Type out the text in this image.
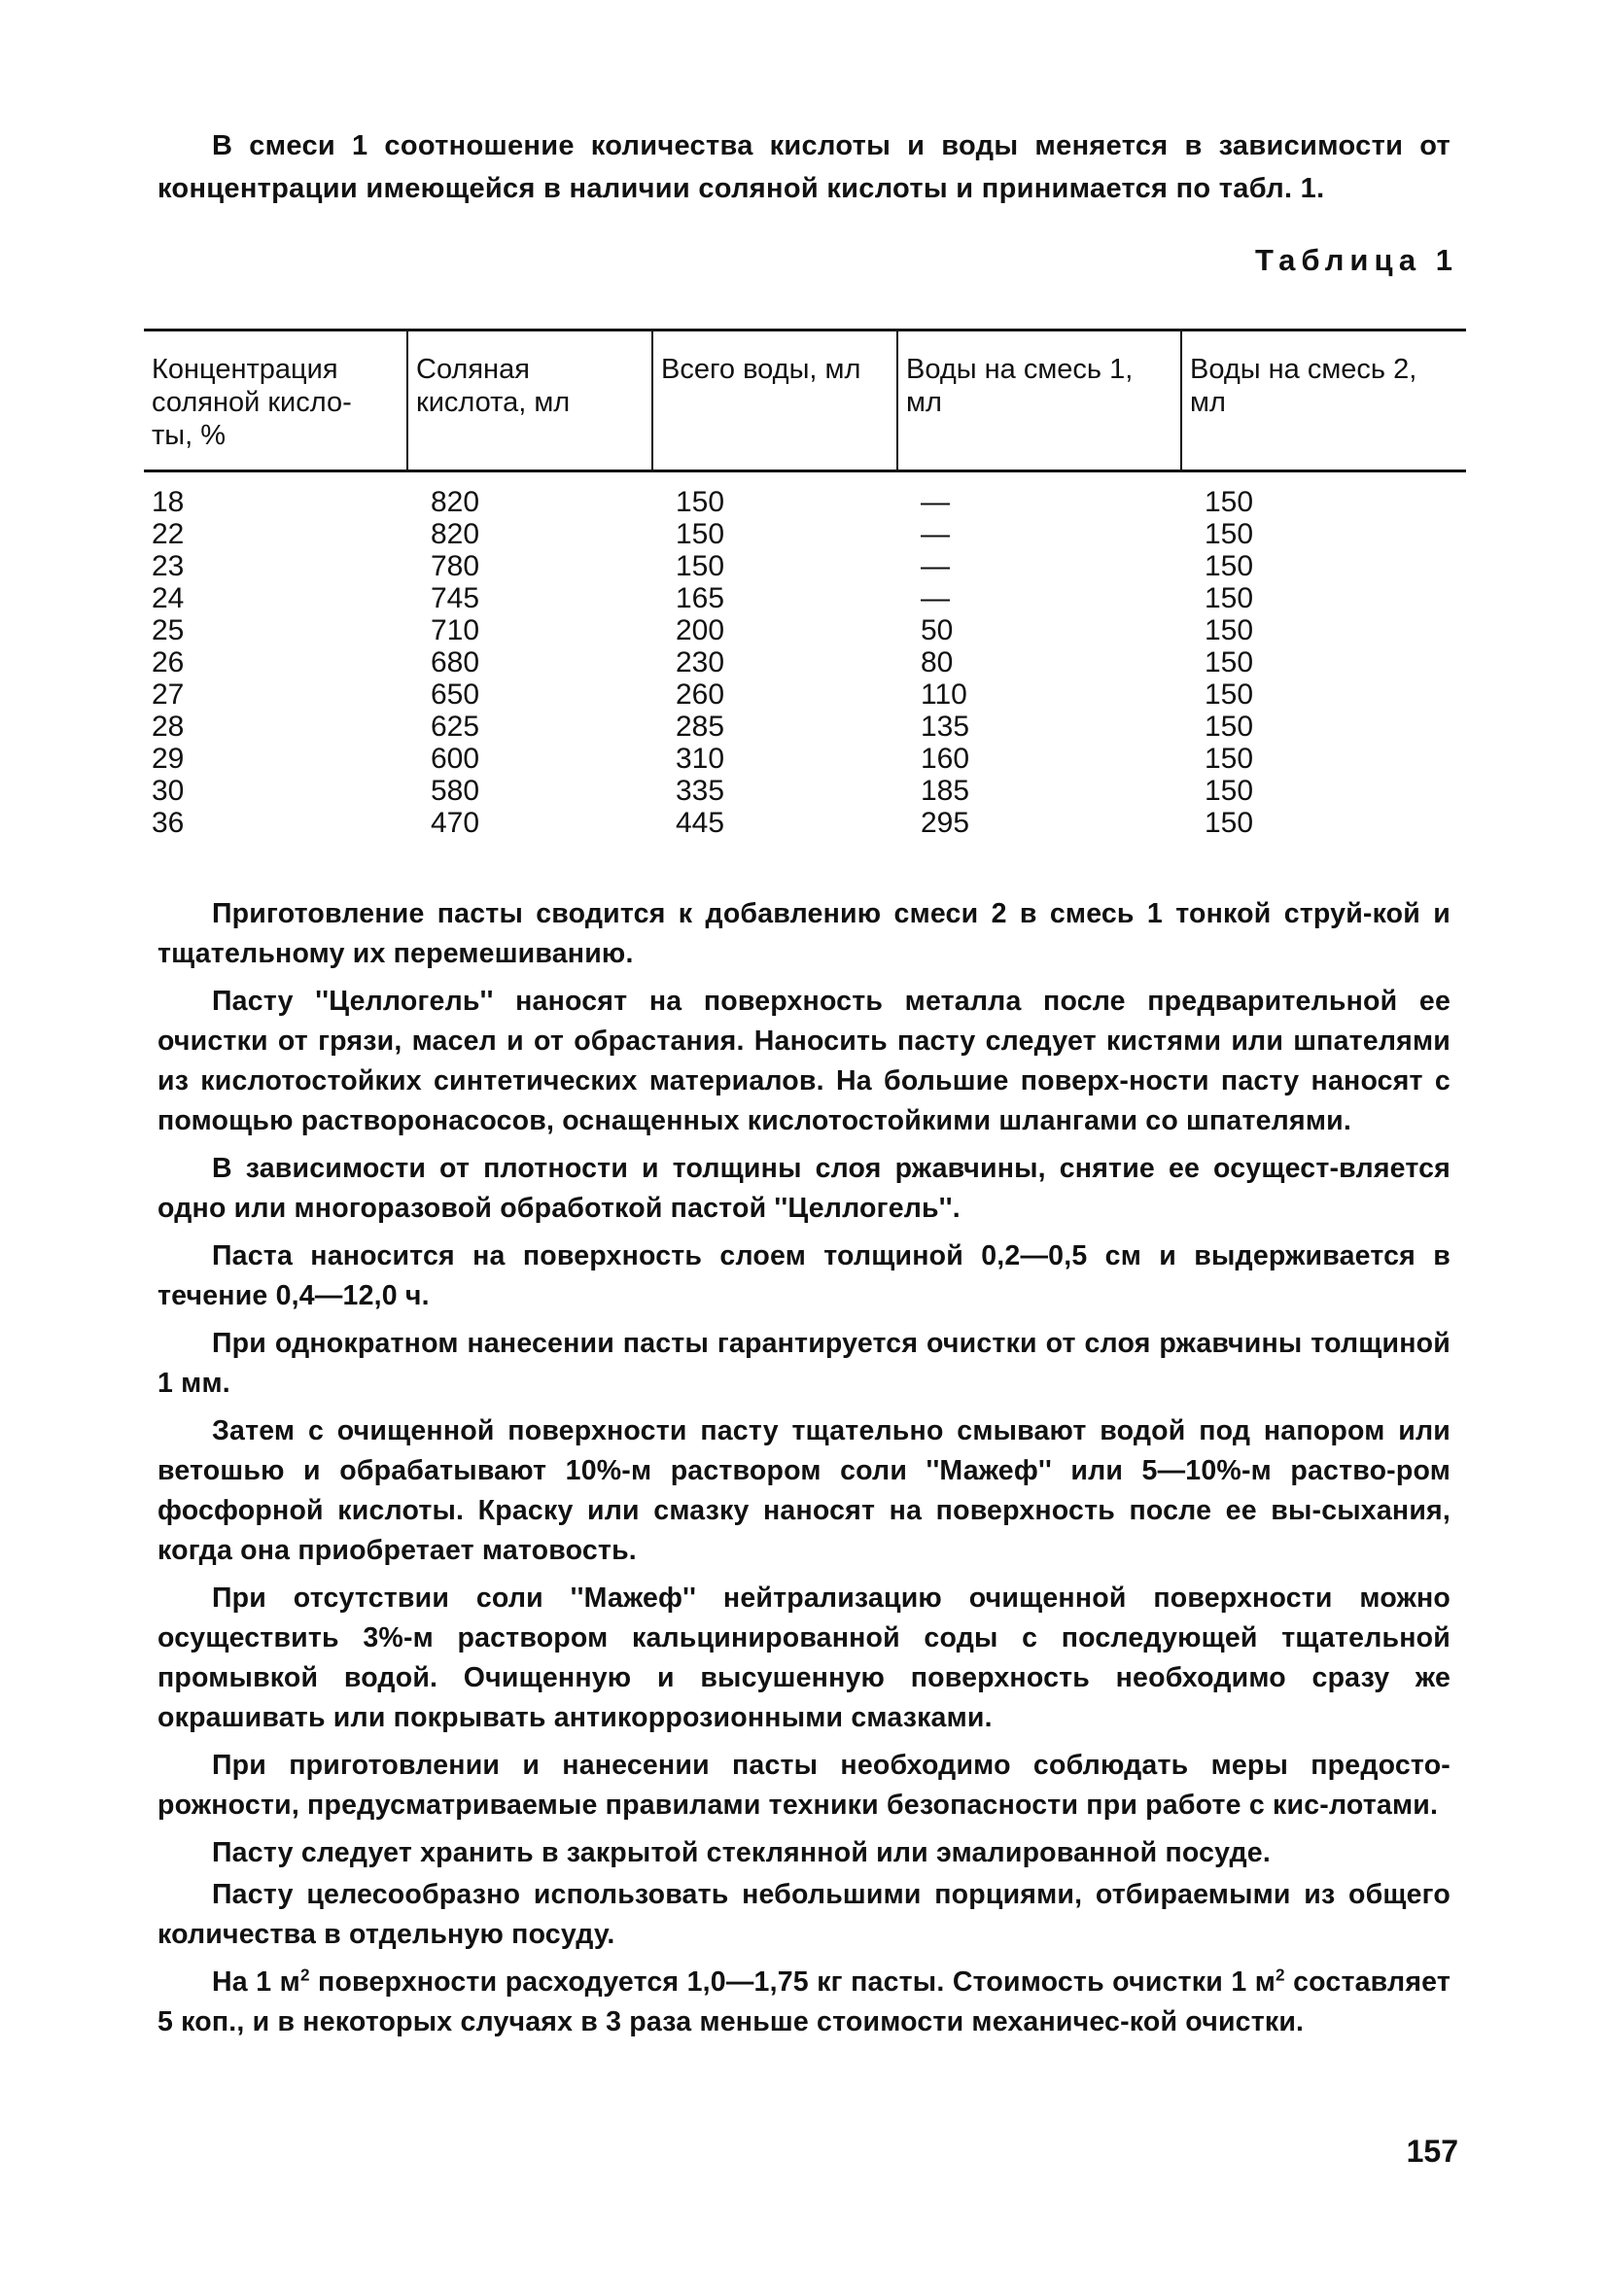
В смеси 1 соотношение количества кислоты и воды меняется в зависимости от концентрации имеющейся в наличии соляной кислоты и принимается по табл. 1.

Таблица 1
Концентрация соляной кисло-ты, %	Соляная кислота, мл	Всего воды, мл	Воды на смесь 1, мл	Воды на смесь 2, мл
18	820	150	—	150
22	820	150	—	150
23	780	150	—	150
24	745	165	—	150
25	710	200	50	150
26	680	230	80	150
27	650	260	110	150
28	625	285	135	150
29	600	310	160	150
30	580	335	185	150
36	470	445	295	150

Приготовление пасты сводится к добавлению смеси 2 в смесь 1 тонкой струй-кой и тщательному их перемешиванию.

Пасту ''Целлогель'' наносят на поверхность металла после предварительной ее очистки от грязи, масел и от обрастания. Наносить пасту следует кистями или шпателями из кислотостойких синтетических материалов. На большие поверх-ности пасту наносят с помощью растворонасосов, оснащенных кислотостойкими шлангами со шпателями.

В зависимости от плотности и толщины слоя ржавчины, снятие ее осущест-вляется одно или многоразовой обработкой пастой ''Целлогель''.

Паста наносится на поверхность слоем толщиной 0,2—0,5 см и выдерживается в течение 0,4—12,0 ч.

При однократном нанесении пасты гарантируется очистки от слоя ржавчины толщиной 1 мм.

Затем с очищенной поверхности пасту тщательно смывают водой под напором или ветошью и обрабатывают 10%-м раствором соли ''Мажеф'' или 5—10%-м раство-ром фосфорной кислоты. Краску или смазку наносят на поверхность после ее вы-сыхания, когда она приобретает матовость.

При отсутствии соли ''Мажеф'' нейтрализацию очищенной поверхности можно осуществить 3%-м раствором кальцинированной соды с последующей тщательной промывкой водой. Очищенную и высушенную поверхность необходимо сразу же окрашивать или покрывать антикоррозионными смазками.

При приготовлении и нанесении пасты необходимо соблюдать меры предосто-рожности, предусматриваемые правилами техники безопасности при работе с кис-лотами.

Пасту следует хранить в закрытой стеклянной или эмалированной посуде.

Пасту целесообразно использовать небольшими порциями, отбираемыми из общего количества в отдельную посуду.

На 1 $м^2$ поверхности расходуется 1,0—1,75 кг пасты. Стоимость очистки 1 $м^2$ составляет 5 коп., и в некоторых случаях в 3 раза меньше стоимости механичес-кой очистки.

157
